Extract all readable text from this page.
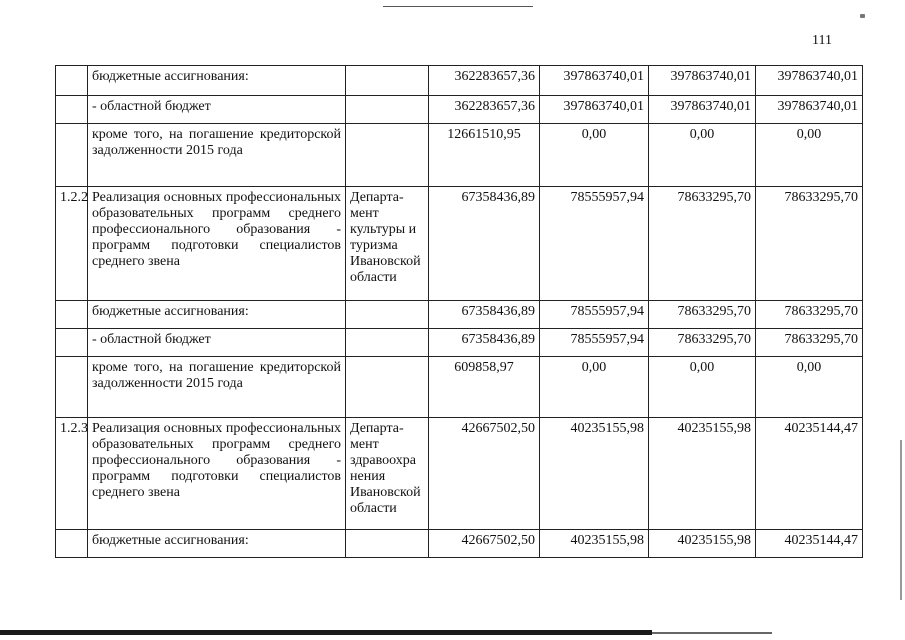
111
	бюджетные ассигнования:		362283657,36	397863740,01	397863740,01	397863740,01
	- областной бюджет		362283657,36	397863740,01	397863740,01	397863740,01
	кроме того, на погашение кредиторской задолженности 2015 года		12661510,95	0,00	0,00	0,00
1.2.2	Реализация основных профессиональных образовательных программ среднего профессионального образования - программ подготовки специалистов среднего звена	Департа-мент культуры и туризма Ивановской области	67358436,89	78555957,94	78633295,70	78633295,70
	бюджетные ассигнования:		67358436,89	78555957,94	78633295,70	78633295,70
	- областной бюджет		67358436,89	78555957,94	78633295,70	78633295,70
	кроме того, на погашение кредиторской задолженности 2015 года		609858,97	0,00	0,00	0,00
1.2.3	Реализация основных профессиональных образовательных программ среднего профессионального образования - программ подготовки специалистов среднего звена	Департа-мент здравоохра нения Ивановской области	42667502,50	40235155,98	40235155,98	40235144,47
	бюджетные ассигнования:		42667502,50	40235155,98	40235155,98	40235144,47
